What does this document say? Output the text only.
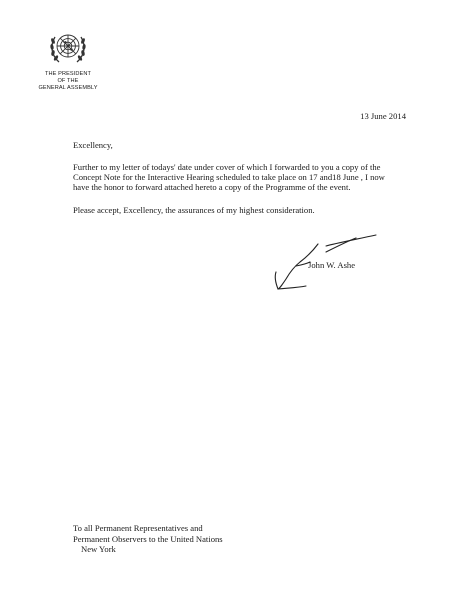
THE PRESIDENT
OF THE
GENERAL ASSEMBLY
13 June 2014
Excellency,
Further to my letter of todays' date under cover of which I forwarded to you a copy of the
Concept Note for the Interactive Hearing scheduled to take place on 17 and18 June , I now
have the honor to forward attached hereto a copy of the Programme of the event.
Please accept, Excellency, the assurances of my highest consideration.
John W. Ashe
To all Permanent Representatives and
Permanent Observers to the United Nations
New York
